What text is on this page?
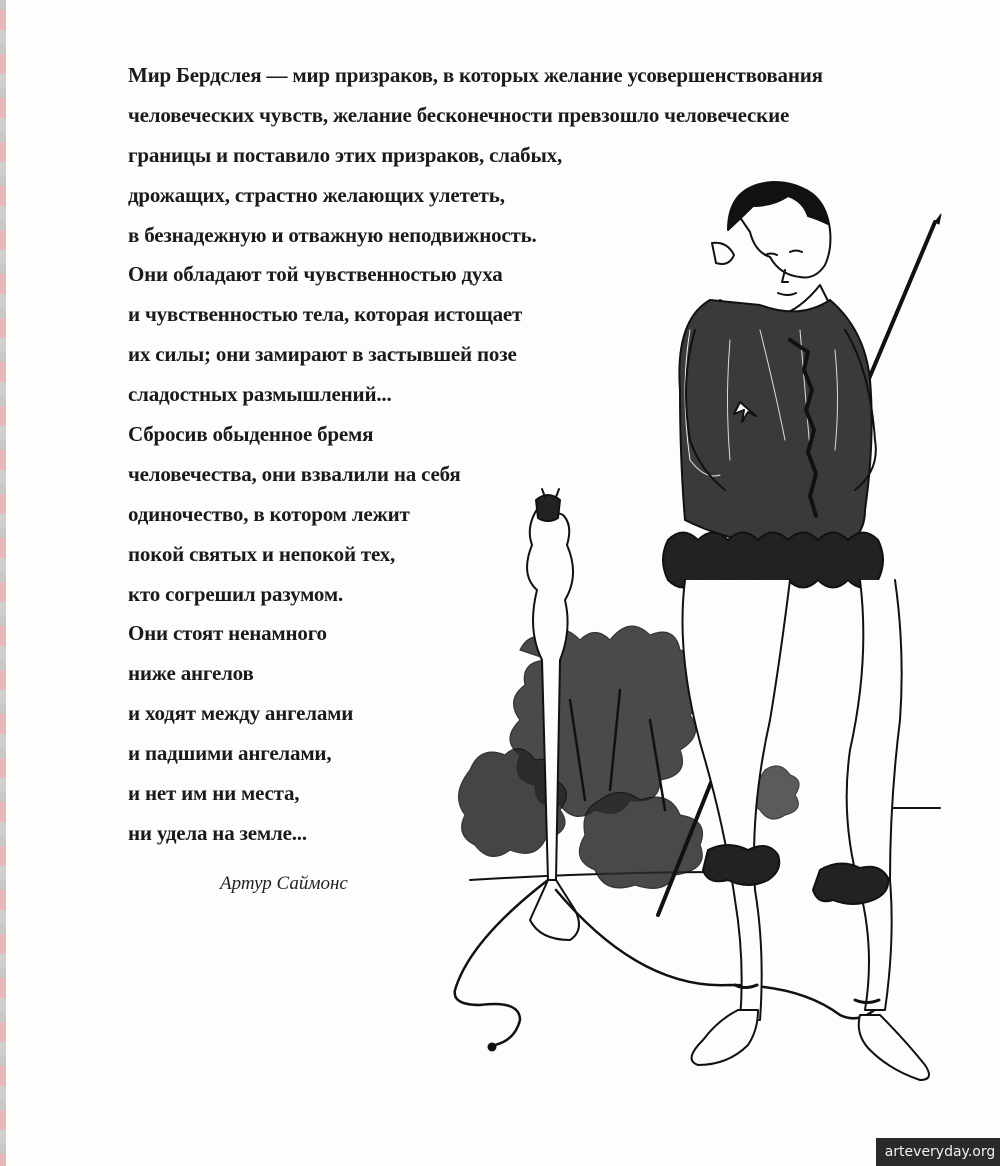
Мир Бердслея — мир призраков, в которых желание усовершенствования
человеческих чувств, желание бесконечности превзошло человеческие
границы и поставило этих призраков, слабых,
дрожащих, страстно желающих улететь,
в безнадежную и отважную неподвижность.
Они обладают той чувственностью духа
и чувственностью тела, которая истощает
их силы; они замирают в застывшей позе
сладостных размышлений...
Сбросив обыденное бремя
человечества, они взвалили на себя
одиночество, в котором лежит
покой святых и непокой тех,
кто согрешил разумом.
Они стоят ненамного
ниже ангелов
и ходят между ангелами
и падшими ангелами,
и нет им ни места,
ни удела на земле...
Артур Саймонс
arteveryday.org
